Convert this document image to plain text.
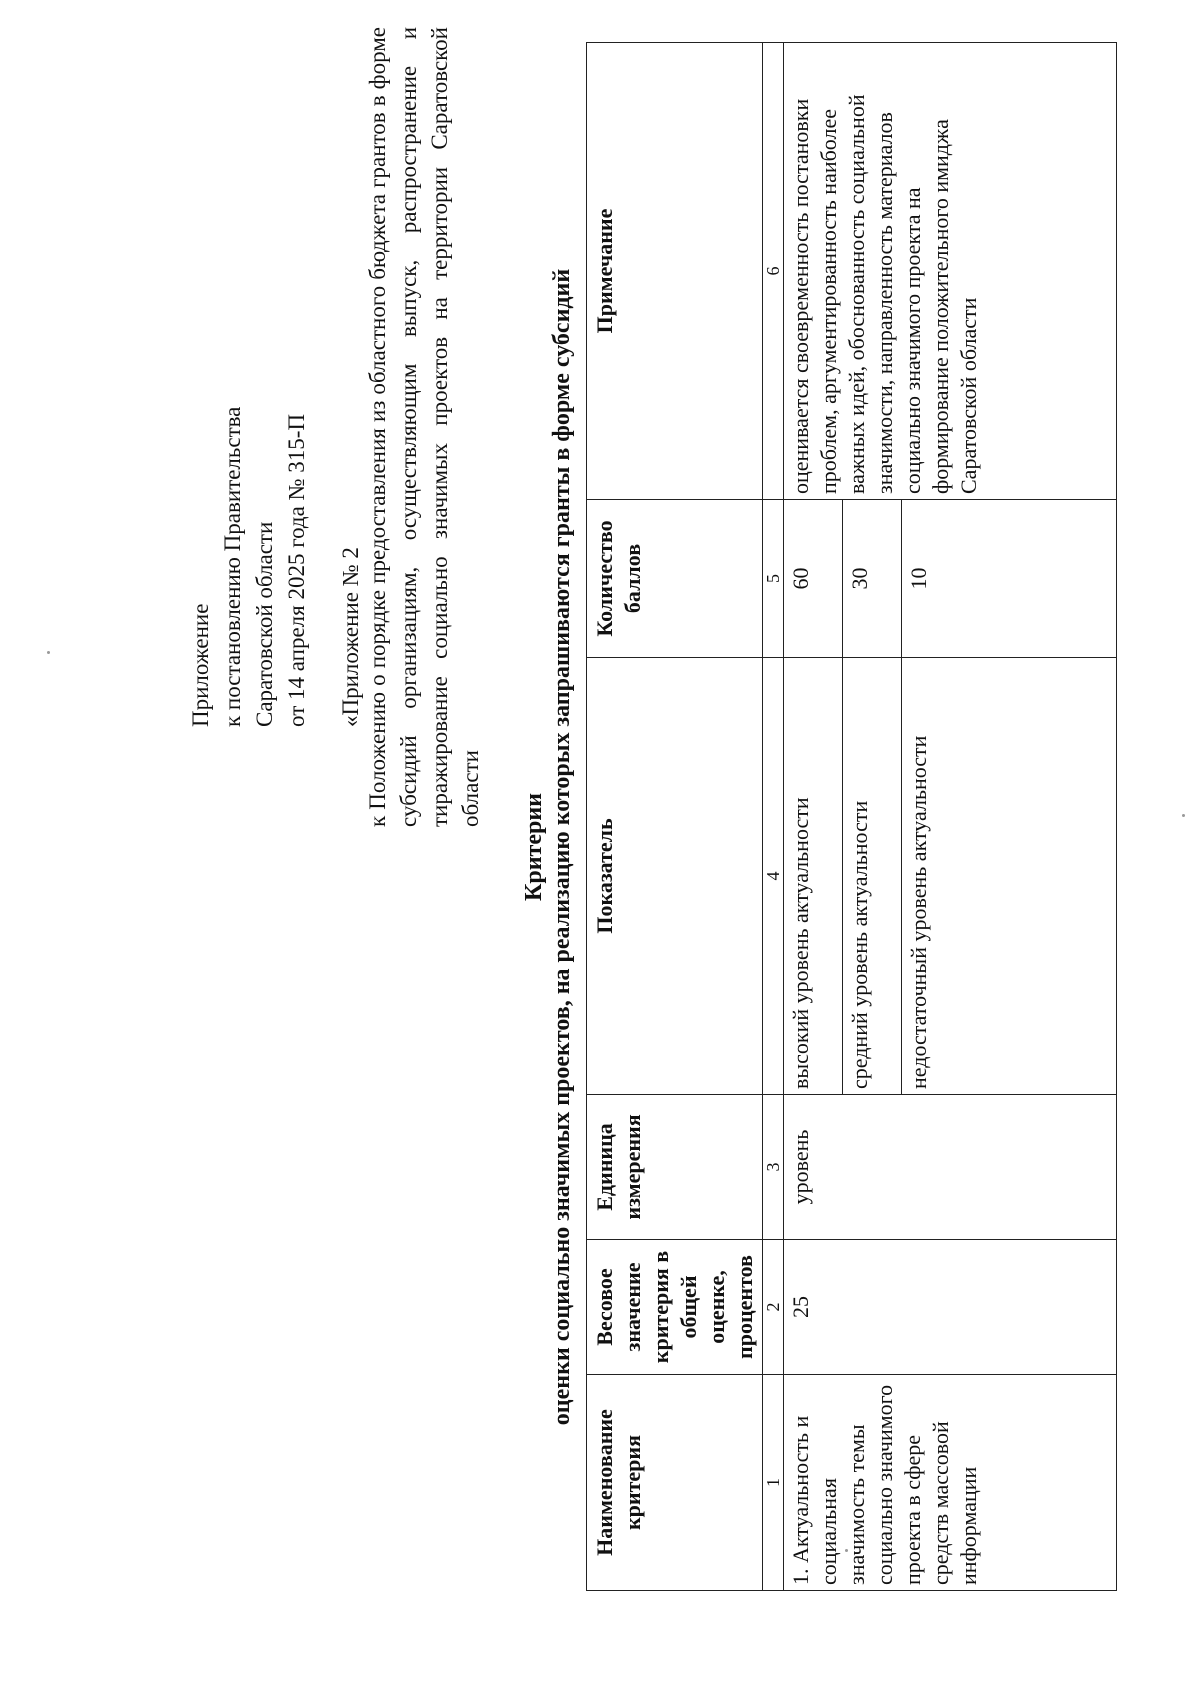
Приложение к постановлению Правительства Саратовской области от 14 апреля 2025 года № 315-П «Приложение № 2 к Положению о порядке предоставления из областного бюджета грантов в форме субсидий организациям, осуществляющим выпуск, распространение и тиражирование социально значимых проектов на территории Саратовской области
Критерии оценки социально значимых проектов, на реализацию которых запрашиваются гранты в форме субсидий
Наименование критерия	Весовое значение критерия в общей оценке, процентов	Единица измерения	Показатель	Количество баллов	Примечание
1	2	3	4	5	6
1. Актуальность и социальная значимость темы социально значимого проекта в сфере средств массовой информации	25	уровень	высокий уровень актуальности	60	оценивается своевременность постановки проблем, аргументированность наиболее важных идей, обоснованность социальной значимости, направленность материалов социально значимого проекта на формирование положительного имиджа Саратовской области
			средний уровень актуальности	30	
			недостаточный уровень актуальности	10	
